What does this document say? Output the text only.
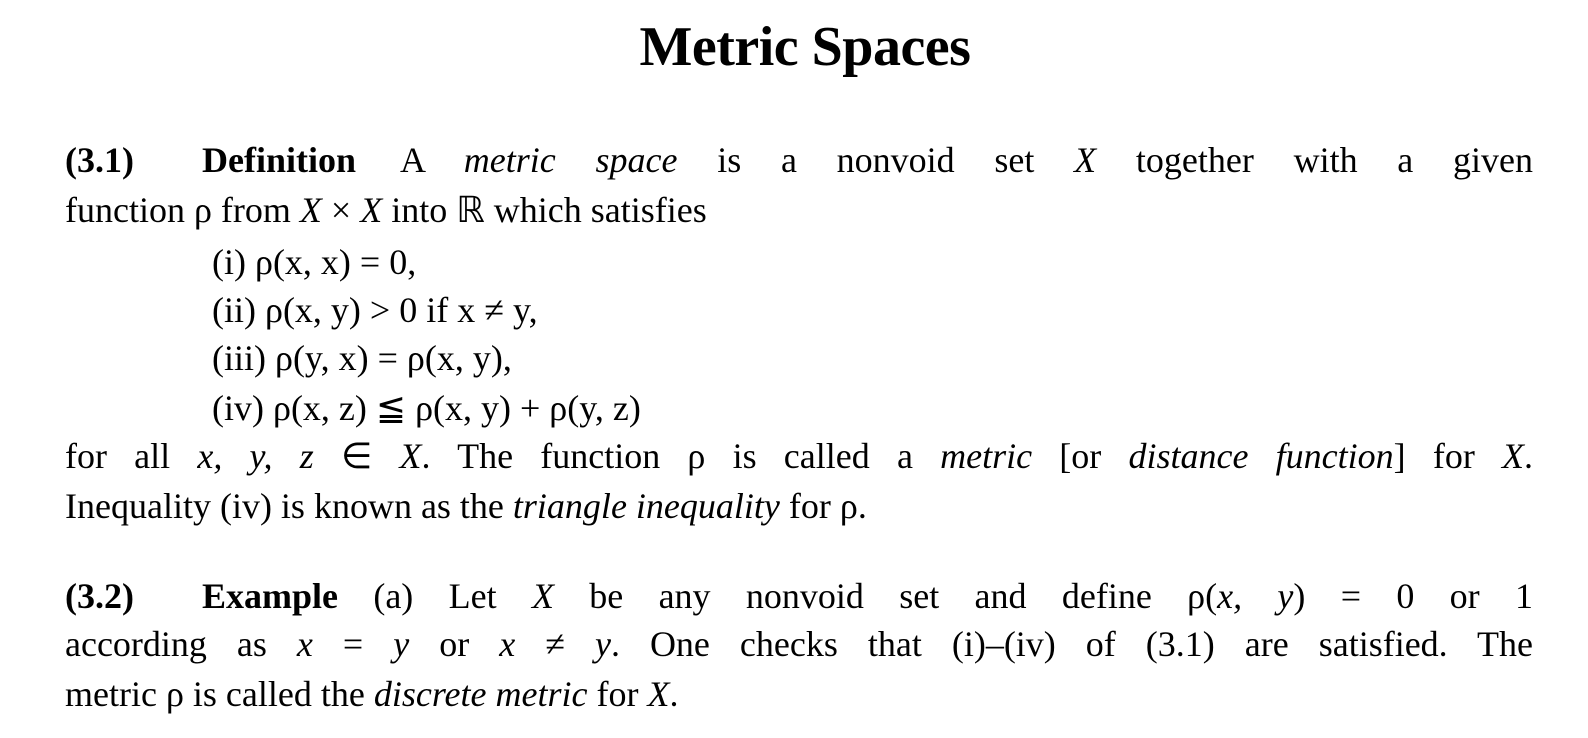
Metric Spaces
(3.1) Definition A metric space is a nonvoid set X together with a given
function ρ from X × X into ℝ which satisfies
(i) ρ(x, x) = 0,
(ii) ρ(x, y) > 0 if x ≠ y,
(iii) ρ(y, x) = ρ(x, y),
(iv) ρ(x, z) ≦ ρ(x, y) + ρ(y, z)
for all x, y, z ∈ X. The function ρ is called a metric [or distance function] for X.
Inequality (iv) is known as the triangle inequality for ρ.
(3.2) Example (a) Let X be any nonvoid set and define ρ(x, y) = 0 or 1
according as x = y or x ≠ y. One checks that (i)–(iv) of (3.1) are satisfied. The
metric ρ is called the discrete metric for X.
